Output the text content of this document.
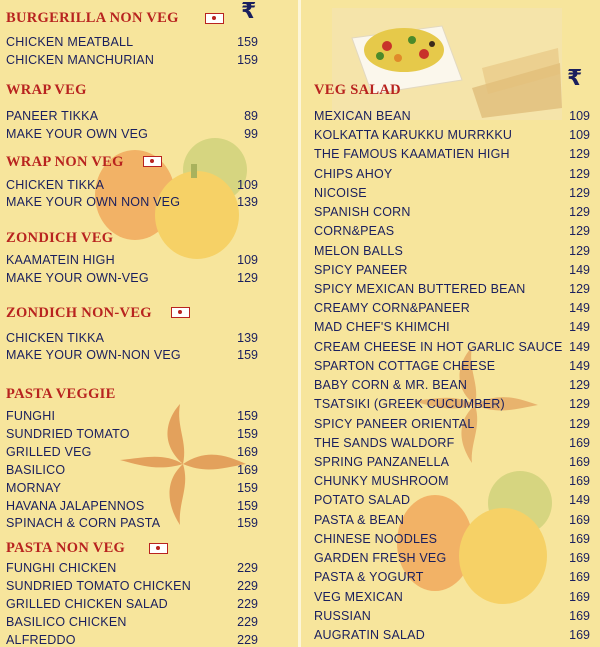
₹
₹
BURGERILLA NON VEG
WRAP VEG
WRAP NON VEG
ZONDICH VEG
ZONDICH NON-VEG
PASTA VEGGIE
PASTA NON VEG
VEG SALAD
CHICKEN MEATBALL	159
CHICKEN MANCHURIAN	159
PANEER TIKKA	89
MAKE YOUR OWN VEG	99
CHICKEN TIKKA	109
MAKE YOUR OWN NON VEG	139
KAAMATEIN HIGH	109
MAKE YOUR OWN-VEG	129
CHICKEN TIKKA	139
MAKE YOUR OWN-NON VEG	159
FUNGHI	159
SUNDRIED TOMATO	159
GRILLED VEG	169
BASILICO	169
MORNAY	159
HAVANA JALAPENNOS	159
SPINACH & CORN PASTA	159
FUNGHI CHICKEN	229
SUNDRIED TOMATO CHICKEN	229
GRILLED CHICKEN SALAD	229
BASILICO CHICKEN	229
ALFREDDO	229
MEXICAN BEAN	109
KOLKATTA KARUKKU MURRKKU	109
THE FAMOUS KAAMATIEN HIGH	129
CHIPS AHOY	129
NICOISE	129
SPANISH CORN	129
CORN&PEAS	129
MELON BALLS	129
SPICY PANEER	149
SPICY MEXICAN BUTTERED BEAN	129
CREAMY CORN&PANEER	149
MAD CHEF'S KHIMCHI	149
CREAM CHEESE IN HOT GARLIC SAUCE 149
SPARTON COTTAGE CHEESE	149
BABY CORN & MR. BEAN	129
TSATSIKI (GREEK CUCUMBER)	129
SPICY PANEER ORIENTAL	129
THE SANDS WALDORF	169
SPRING PANZANELLA	169
CHUNKY MUSHROOM	169
POTATO SALAD	149
PASTA & BEAN	169
CHINESE NOODLES	169
GARDEN FRESH VEG	169
PASTA & YOGURT	169
VEG MEXICAN	169
RUSSIAN	169
AUGRATIN SALAD	169
